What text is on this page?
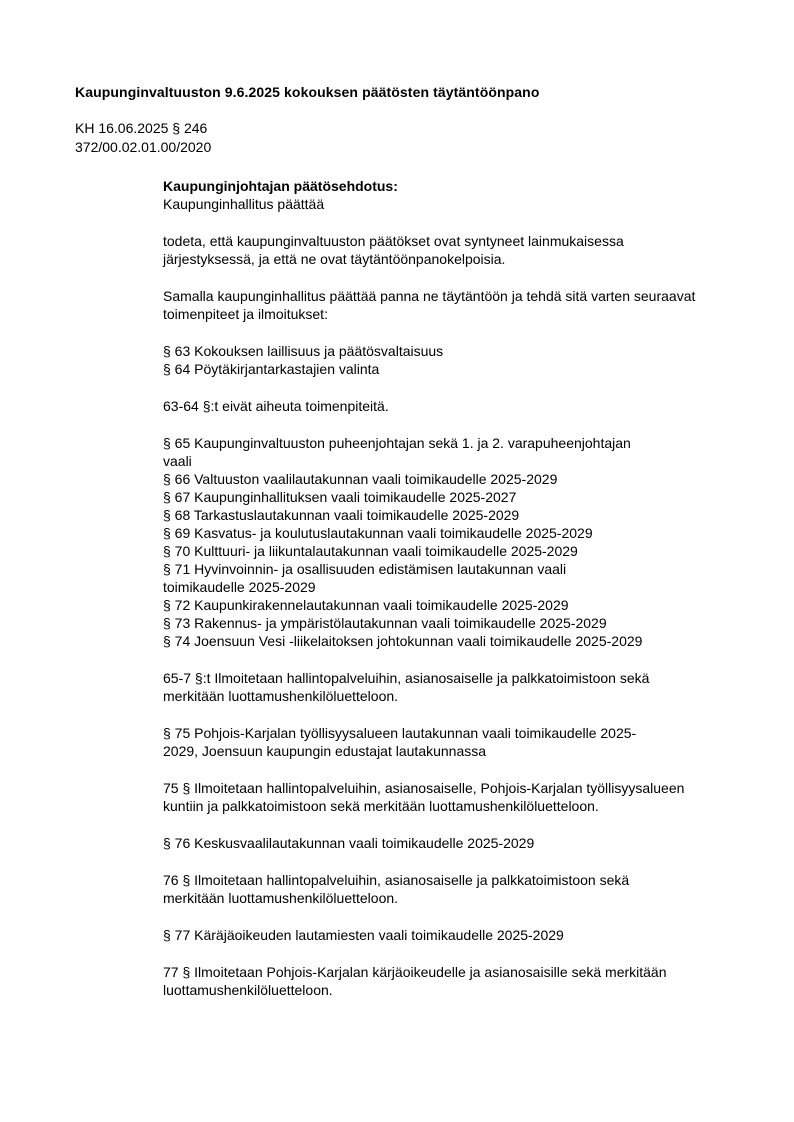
Kaupunginvaltuuston 9.6.2025 kokouksen päätösten täytäntöönpano
KH 16.06.2025 § 246
372/00.02.01.00/2020
Kaupunginjohtajan päätösehdotus:
Kaupunginhallitus päättää
todeta, että kaupunginvaltuuston päätökset ovat syntyneet lainmukaisessa
järjestyksessä, ja että ne ovat täytäntöönpanokelpoisia.
Samalla kaupunginhallitus päättää panna ne täytäntöön ja tehdä sitä varten seuraavat
toimenpiteet ja ilmoitukset:
§ 63 Kokouksen laillisuus ja päätösvaltaisuus
§ 64 Pöytäkirjantarkastajien valinta
63-64 §:t eivät aiheuta toimenpiteitä.
§ 65 Kaupunginvaltuuston puheenjohtajan sekä 1. ja 2. varapuheenjohtajan
vaali
§ 66 Valtuuston vaalilautakunnan vaali toimikaudelle 2025-2029
§ 67 Kaupunginhallituksen vaali toimikaudelle 2025-2027
§ 68 Tarkastuslautakunnan vaali toimikaudelle 2025-2029
§ 69 Kasvatus- ja koulutuslautakunnan vaali toimikaudelle 2025-2029
§ 70 Kulttuuri- ja liikuntalautakunnan vaali toimikaudelle 2025-2029
§ 71 Hyvinvoinnin- ja osallisuuden edistämisen lautakunnan vaali
toimikaudelle 2025-2029
§ 72 Kaupunkirakennelautakunnan vaali toimikaudelle 2025-2029
§ 73 Rakennus- ja ympäristölautakunnan vaali toimikaudelle 2025-2029
§ 74 Joensuun Vesi -liikelaitoksen johtokunnan vaali toimikaudelle 2025-2029
65-7 §:t Ilmoitetaan hallintopalveluihin, asianosaiselle ja palkkatoimistoon sekä
merkitään luottamushenkilöluetteloon.
§ 75 Pohjois-Karjalan työllisyysalueen lautakunnan vaali toimikaudelle 2025-
2029, Joensuun kaupungin edustajat lautakunnassa
75 § Ilmoitetaan hallintopalveluihin, asianosaiselle, Pohjois-Karjalan työllisyysalueen
kuntiin ja palkkatoimistoon sekä merkitään luottamushenkilöluetteloon.
§ 76 Keskusvaalilautakunnan vaali toimikaudelle 2025-2029
76 § Ilmoitetaan hallintopalveluihin, asianosaiselle ja palkkatoimistoon sekä
merkitään luottamushenkilöluetteloon.
§ 77 Käräjäoikeuden lautamiesten vaali toimikaudelle 2025-2029
77 § Ilmoitetaan Pohjois-Karjalan kärjäoikeudelle ja asianosaisille sekä merkitään
luottamushenkilöluetteloon.
